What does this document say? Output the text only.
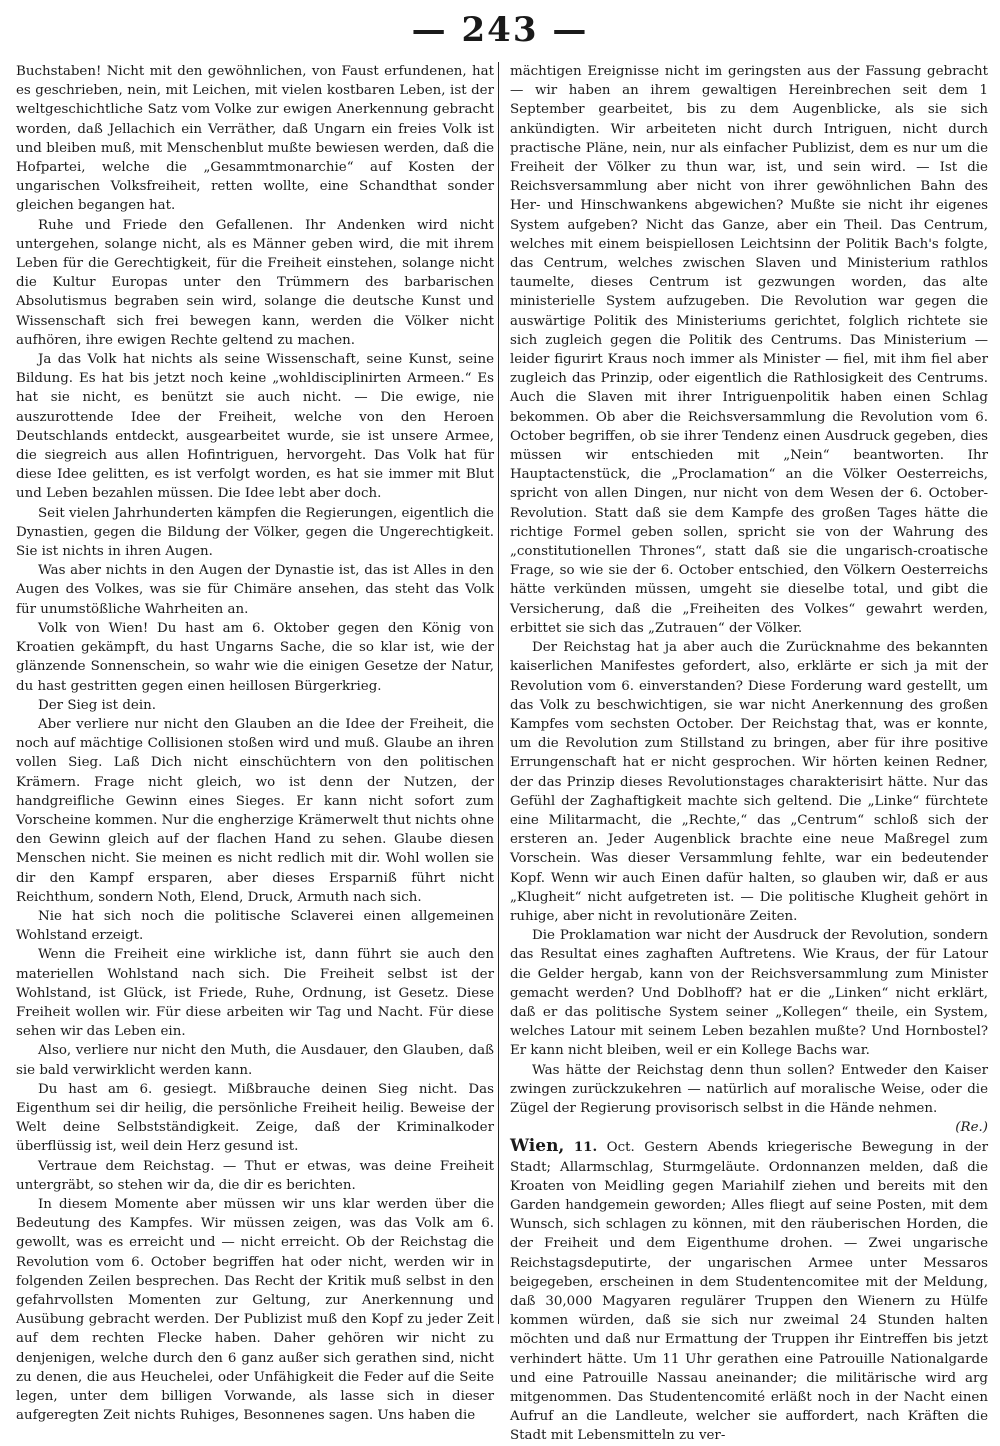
— 243 —

Buchstaben! Nicht mit den gewöhnlichen, von Faust erfundenen, hat es geschrieben, nein, mit Leichen, mit vielen kostbaren Leben, ist der weltgeschichtliche Satz vom Volke zur ewigen Anerkennung gebracht worden, daß Jellachich ein Verräther, daß Ungarn ein freies Volk ist und bleiben muß, mit Menschenblut mußte bewiesen werden, daß die Hofpartei, welche die „Gesammtmonarchie“ auf Kosten der ungarischen Volksfreiheit, retten wollte, eine Schandthat sonder gleichen begangen hat.

Ruhe und Friede den Gefallenen. Ihr Andenken wird nicht untergehen, solange nicht, als es Männer geben wird, die mit ihrem Leben für die Gerechtigkeit, für die Freiheit einstehen, solange nicht die Kultur Europas unter den Trümmern des barbarischen Absolutismus begraben sein wird, solange die deutsche Kunst und Wissenschaft sich frei bewegen kann, werden die Völker nicht aufhören, ihre ewigen Rechte geltend zu machen.

Ja das Volk hat nichts als seine Wissenschaft, seine Kunst, seine Bildung. Es hat bis jetzt noch keine „wohldisciplinirten Armeen.“ Es hat sie nicht, es benützt sie auch nicht. — Die ewige, nie auszurottende Idee der Freiheit, welche von den Heroen Deutschlands entdeckt, ausgearbeitet wurde, sie ist unsere Armee, die siegreich aus allen Hofintriguen, hervorgeht. Das Volk hat für diese Idee gelitten, es ist verfolgt worden, es hat sie immer mit Blut und Leben bezahlen müssen. Die Idee lebt aber doch.

Seit vielen Jahrhunderten kämpfen die Regierungen, eigentlich die Dynastien, gegen die Bildung der Völker, gegen die Ungerechtigkeit. Sie ist nichts in ihren Augen.

Was aber nichts in den Augen der Dynastie ist, das ist Alles in den Augen des Volkes, was sie für Chimäre ansehen, das steht das Volk für unumstößliche Wahrheiten an.

Volk von Wien! Du hast am 6. Oktober gegen den König von Kroatien gekämpft, du hast Ungarns Sache, die so klar ist, wie der glänzende Sonnenschein, so wahr wie die einigen Gesetze der Natur, du hast gestritten gegen einen heillosen Bürgerkrieg.

Der Sieg ist dein.

Aber verliere nur nicht den Glauben an die Idee der Freiheit, die noch auf mächtige Collisionen stoßen wird und muß. Glaube an ihren vollen Sieg. Laß Dich nicht einschüchtern von den politischen Krämern. Frage nicht gleich, wo ist denn der Nutzen, der handgreifliche Gewinn eines Sieges. Er kann nicht sofort zum Vorscheine kommen. Nur die engherzige Krämerwelt thut nichts ohne den Gewinn gleich auf der flachen Hand zu sehen. Glaube diesen Menschen nicht. Sie meinen es nicht redlich mit dir. Wohl wollen sie dir den Kampf ersparen, aber dieses Ersparniß führt nicht Reichthum, sondern Noth, Elend, Druck, Armuth nach sich.

Nie hat sich noch die politische Sclaverei einen allgemeinen Wohlstand erzeigt.

Wenn die Freiheit eine wirkliche ist, dann führt sie auch den materiellen Wohlstand nach sich. Die Freiheit selbst ist der Wohlstand, ist Glück, ist Friede, Ruhe, Ordnung, ist Gesetz. Diese Freiheit wollen wir. Für diese arbeiten wir Tag und Nacht. Für diese sehen wir das Leben ein.

Also, verliere nur nicht den Muth, die Ausdauer, den Glauben, daß sie bald verwirklicht werden kann.

Du hast am 6. gesiegt. Mißbrauche deinen Sieg nicht. Das Eigenthum sei dir heilig, die persönliche Freiheit heilig. Beweise der Welt deine Selbstständigkeit. Zeige, daß der Kriminalkoder überflüssig ist, weil dein Herz gesund ist.

Vertraue dem Reichstag. — Thut er etwas, was deine Freiheit untergräbt, so stehen wir da, die dir es berichten.

In diesem Momente aber müssen wir uns klar werden über die Bedeutung des Kampfes. Wir müssen zeigen, was das Volk am 6. gewollt, was es erreicht und — nicht erreicht. Ob der Reichstag die Revolution vom 6. October begriffen hat oder nicht, werden wir in folgenden Zeilen besprechen. Das Recht der Kritik muß selbst in den gefahrvollsten Momenten zur Geltung, zur Anerkennung und Ausübung gebracht werden. Der Publizist muß den Kopf zu jeder Zeit auf dem rechten Flecke haben. Daher gehören wir nicht zu denjenigen, welche durch den 6 ganz außer sich gerathen sind, nicht zu denen, die aus Heuchelei, oder Unfähigkeit die Feder auf die Seite legen, unter dem billigen Vorwande, als lasse sich in dieser aufgeregten Zeit nichts Ruhiges, Besonnenes sagen. Uns haben die

mächtigen Ereignisse nicht im geringsten aus der Fassung gebracht — wir haben an ihrem gewaltigen Hereinbrechen seit dem 1 September gearbeitet, bis zu dem Augenblicke, als sie sich ankündigten. Wir arbeiteten nicht durch Intriguen, nicht durch practische Pläne, nein, nur als einfacher Publizist, dem es nur um die Freiheit der Völker zu thun war, ist, und sein wird. — Ist die Reichsversammlung aber nicht von ihrer gewöhnlichen Bahn des Her- und Hinschwankens abgewichen? Mußte sie nicht ihr eigenes System aufgeben? Nicht das Ganze, aber ein Theil. Das Centrum, welches mit einem beispiellosen Leichtsinn der Politik Bach's folgte, das Centrum, welches zwischen Slaven und Ministerium rathlos taumelte, dieses Centrum ist gezwungen worden, das alte ministerielle System aufzugeben. Die Revolution war gegen die auswärtige Politik des Ministeriums gerichtet, folglich richtete sie sich zugleich gegen die Politik des Centrums. Das Ministerium — leider figurirt Kraus noch immer als Minister — fiel, mit ihm fiel aber zugleich das Prinzip, oder eigentlich die Rathlosigkeit des Centrums. Auch die Slaven mit ihrer Intriguenpolitik haben einen Schlag bekommen. Ob aber die Reichsversammlung die Revolution vom 6. October begriffen, ob sie ihrer Tendenz einen Ausdruck gegeben, dies müssen wir entschieden mit „Nein“ beantworten. Ihr Hauptactenstück, die „Proclamation“ an die Völker Oesterreichs, spricht von allen Dingen, nur nicht von dem Wesen der 6. October-Revolution. Statt daß sie dem Kampfe des großen Tages hätte die richtige Formel geben sollen, spricht sie von der Wahrung des „constitutionellen Thrones“, statt daß sie die ungarisch-croatische Frage, so wie sie der 6. October entschied, den Völkern Oesterreichs hätte verkünden müssen, umgeht sie dieselbe total, und gibt die Versicherung, daß die „Freiheiten des Volkes“ gewahrt werden, erbittet sie sich das „Zutrauen“ der Völker.

Der Reichstag hat ja aber auch die Zurücknahme des bekannten kaiserlichen Manifestes gefordert, also, erklärte er sich ja mit der Revolution vom 6. einverstanden? Diese Forderung ward gestellt, um das Volk zu beschwichtigen, sie war nicht Anerkennung des großen Kampfes vom sechsten October. Der Reichstag that, was er konnte, um die Revolution zum Stillstand zu bringen, aber für ihre positive Errungenschaft hat er nicht gesprochen. Wir hörten keinen Redner, der das Prinzip dieses Revolutionstages charakterisirt hätte. Nur das Gefühl der Zaghaftigkeit machte sich geltend. Die „Linke“ fürchtete eine Militarmacht, die „Rechte,“ das „Centrum“ schloß sich der ersteren an. Jeder Augenblick brachte eine neue Maßregel zum Vorschein. Was dieser Versammlung fehlte, war ein bedeutender Kopf. Wenn wir auch Einen dafür halten, so glauben wir, daß er aus „Klugheit“ nicht aufgetreten ist. — Die politische Klugheit gehört in ruhige, aber nicht in revolutionäre Zeiten.

Die Proklamation war nicht der Ausdruck der Revolution, sondern das Resultat eines zaghaften Auftretens. Wie Kraus, der für Latour die Gelder hergab, kann von der Reichsversammlung zum Minister gemacht werden? Und Doblhoff? hat er die „Linken“ nicht erklärt, daß er das politische System seiner „Kollegen“ theile, ein System, welches Latour mit seinem Leben bezahlen mußte? Und Hornbostel? Er kann nicht bleiben, weil er ein Kollege Bachs war.

Was hätte der Reichstag denn thun sollen? Entweder den Kaiser zwingen zurückzukehren — natürlich auf moralische Weise, oder die Zügel der Regierung provisorisch selbst in die Hände nehmen.

(Re.)

Wien, 11. Oct. Gestern Abends kriegerische Bewegung in der Stadt; Allarmschlag, Sturmgeläute. Ordonnanzen melden, daß die Kroaten von Meidling gegen Mariahilf ziehen und bereits mit den Garden handgemein geworden; Alles fliegt auf seine Posten, mit dem Wunsch, sich schlagen zu können, mit den räuberischen Horden, die der Freiheit und dem Eigenthume drohen. — Zwei ungarische Reichstagsdeputirte, der ungarischen Armee unter Messaros beigegeben, erscheinen in dem Studentencomitee mit der Meldung, daß 30,000 Magyaren regulärer Truppen den Wienern zu Hülfe kommen würden, daß sie sich nur zweimal 24 Stunden halten möchten und daß nur Ermattung der Truppen ihr Eintreffen bis jetzt verhindert hätte. Um 11 Uhr gerathen eine Patrouille Nationalgarde und eine Patrouille Nassau aneinander; die militärische wird arg mitgenommen. Das Studentencomité erläßt noch in der Nacht einen Aufruf an die Landleute, welcher sie auffordert, nach Kräften die Stadt mit Lebensmitteln zu ver-
